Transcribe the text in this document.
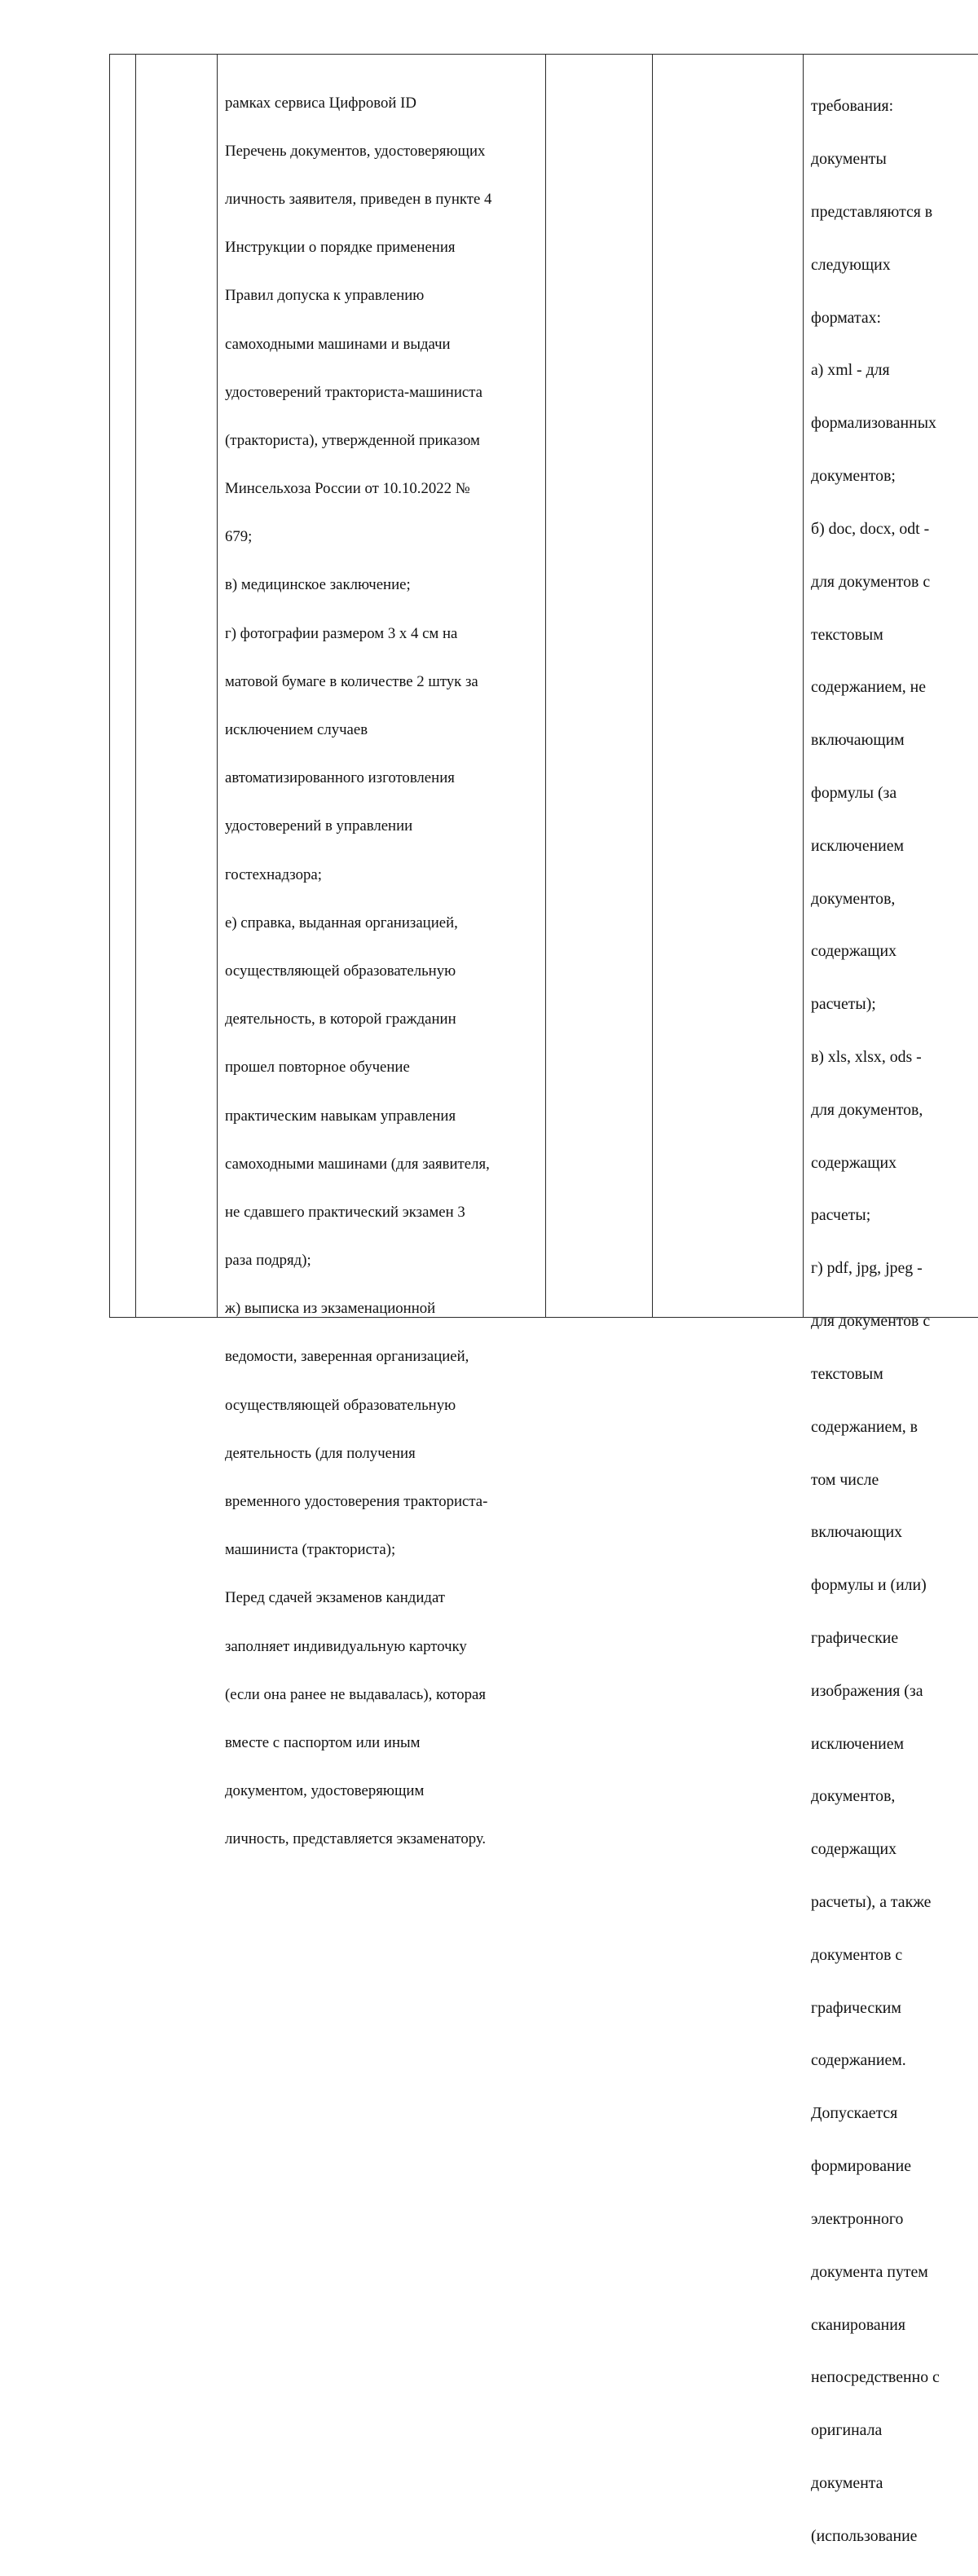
рамках сервиса Цифровой ID

Перечень документов, удостоверяющих

личность заявителя, приведен в пункте 4

Инструкции о порядке применения

Правил допуска к управлению

самоходными машинами и выдачи

удостоверений тракториста-машиниста

(тракториста), утвержденной приказом

Минсельхоза России от 10.10.2022 №

679;

в) медицинское заключение;

г) фотографии размером 3 х 4 см на

матовой бумаге в количестве 2 штук за

исключением случаев

автоматизированного изготовления

удостоверений в управлении

гостехнадзора;

е) справка, выданная организацией,

осуществляющей образовательную

деятельность, в которой гражданин

прошел повторное обучение

практическим навыкам управления

самоходными машинами (для заявителя,

не сдавшего практический экзамен 3

раза подряд);

ж) выписка из экзаменационной

ведомости, заверенная организацией,

осуществляющей образовательную

деятельность (для получения

временного удостоверения тракториста-

машиниста (тракториста);

Перед сдачей экзаменов кандидат

заполняет индивидуальную карточку

(если она ранее не выдавалась), которая

вместе с паспортом или иным

документом, удостоверяющим

личность, представляется экзаменатору.

требования:

документы

представляются в

следующих

форматах:

а) xml - для

формализованных

документов;

б) doc, docx, odt -

для документов с

текстовым

содержанием, не

включающим

формулы (за

исключением

документов,

содержащих

расчеты);

в) xls, xlsx, ods -

для документов,

содержащих

расчеты;

г) pdf, jpg, jpeg -

для документов с

текстовым

содержанием, в

том числе

включающих

формулы и (или)

графические

изображения (за

исключением

документов,

содержащих

расчеты), а также

документов с

графическим

содержанием.

Допускается

формирование

электронного

документа путем

сканирования

непосредственно с

оригинала

документа

(использование
